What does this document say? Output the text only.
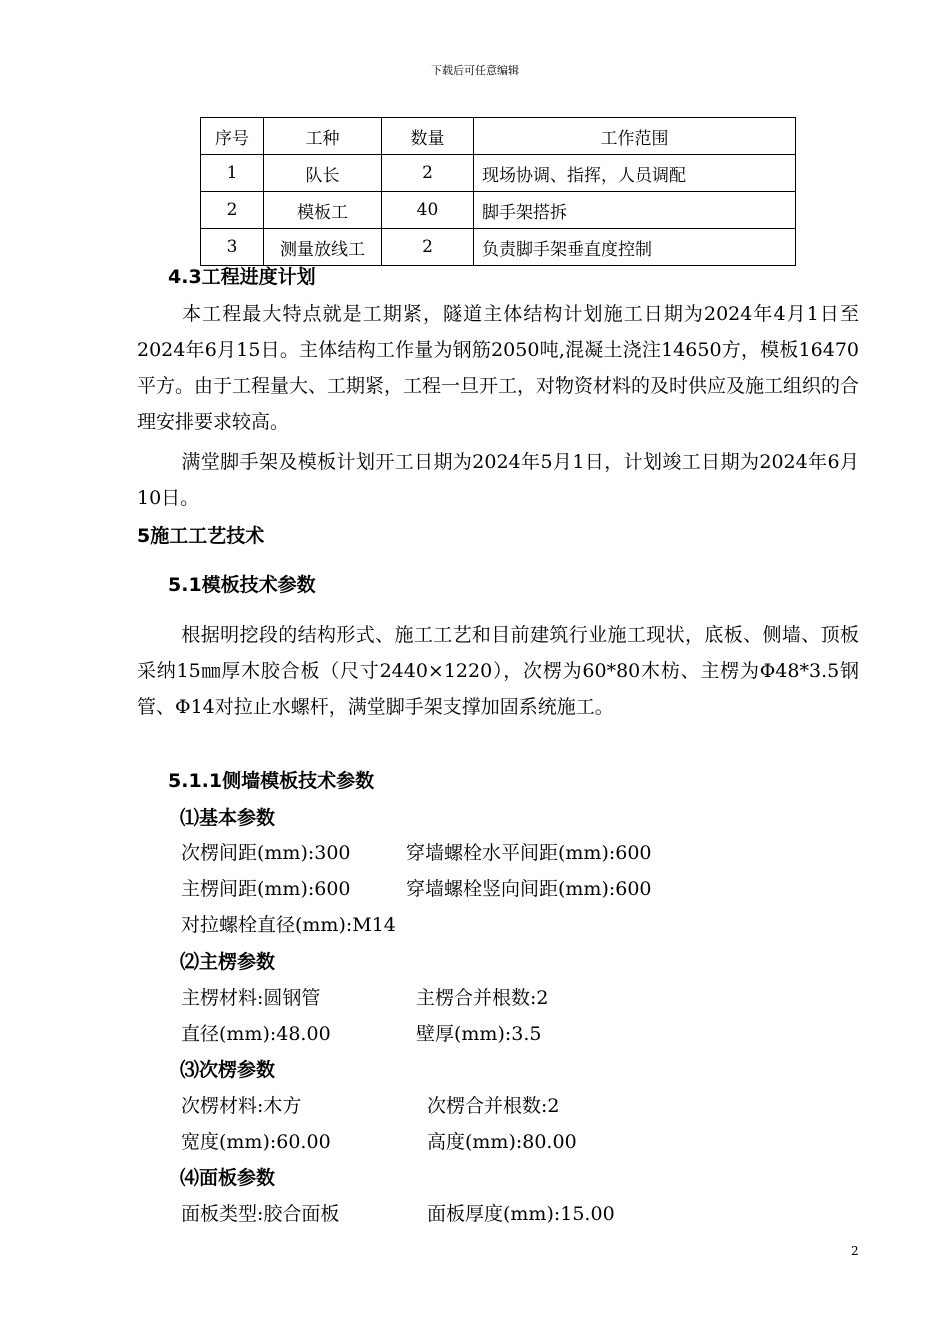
下载后可任意编辑
序号	工种	数量	工作范围
1	队长	2	现场协调、指挥，人员调配
2	模板工	40	脚手架搭拆
3	测量放线工	2	负责脚手架垂直度控制
4.3工程进度计划
本工程最大特点就是工期紧，隧道主体结构计划施工日期为2024年4月1日至2024年6月15日。主体结构工作量为钢筋2050吨,混凝土浇注14650方，模板16470平方。由于工程量大、工期紧，工程一旦开工，对物资材料的及时供应及施工组织的合理安排要求较高。
满堂脚手架及模板计划开工日期为2024年5月1日，计划竣工日期为2024年6月10日。
5施工工艺技术
5.1模板技术参数
根据明挖段的结构形式、施工工艺和目前建筑行业施工现状，底板、侧墙、顶板采纳15㎜厚木胶合板（尺寸2440×1220），次楞为60*80木枋、主楞为Φ48*3.5钢管、Φ14对拉止水螺杆，满堂脚手架支撑加固系统施工。
5.1.1侧墙模板技术参数
⑴基本参数
次楞间距(mm):300	穿墙螺栓水平间距(mm):600
主楞间距(mm):600	穿墙螺栓竖向间距(mm):600
对拉螺栓直径(mm):M14
⑵主楞参数
主楞材料:圆钢管	主楞合并根数:2
直径(mm):48.00	壁厚(mm):3.5
⑶次楞参数
次楞材料:木方	次楞合并根数:2
宽度(mm):60.00	高度(mm):80.00
⑷面板参数
面板类型:胶合面板	面板厚度(mm):15.00
2
